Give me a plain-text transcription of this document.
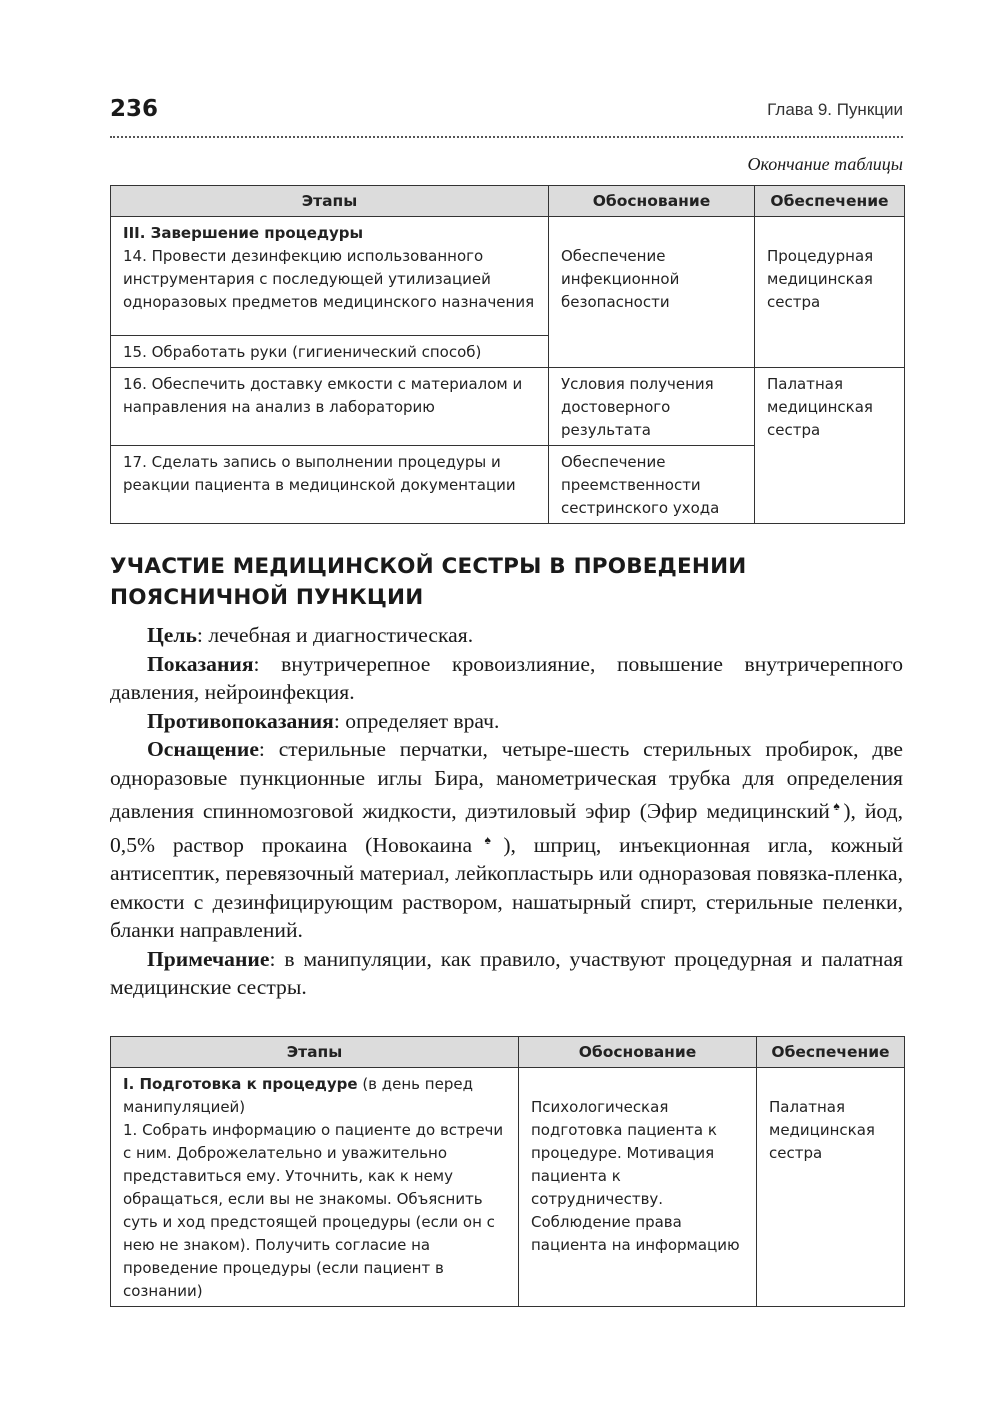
236	Глава 9. Пункции
Окончание таблицы
Этапы	Обоснование	Обеспечение

III. Завершение процедуры
14. Провести дезинфекцию использованного инструментария с последующей утилизацией одноразовых предметов медицинского назначения	Обеспечение инфекционной безопасности	Процедурная медицинская сестра
15. Обработать руки (гигиенический способ)		
16. Обеспечить доставку емкости с материалом и направления на анализ в лабораторию	Условия получения достоверного результата	Палатная медицинская сестра
17. Сделать запись о выполнении процедуры и реакции пациента в медицинской документации	Обеспечение преемственности сестринского ухода	
УЧАСТИЕ МЕДИЦИНСКОЙ СЕСТРЫ В ПРОВЕДЕНИИ ПОЯСНИЧНОЙ ПУНКЦИИ

Цель: лечебная и диагностическая.

Показания: внутричерепное кровоизлияние, повышение внутричерепного давления, нейроинфекция.

Противопоказания: определяет врач.

Оснащение: стерильные перчатки, четыре-шесть стерильных пробирок, две одноразовые пункционные иглы Бира, манометрическая трубка для определения давления спинномозговой жидкости, диэтиловый эфир (Эфир медицинский♠), йод, 0,5% раствор прокаина (Новокаина♠), шприц, инъекционная игла, кожный антисептик, перевязочный материал, лейкопластырь или одноразовая повязка-пленка, емкости с дезинфицирующим раствором, нашатырный спирт, стерильные пеленки, бланки направлений.

Примечание: в манипуляции, как правило, участвуют процедурная и палатная медицинские сестры.

Этапы	Обоснование	Обеспечение

I. Подготовка к процедуре (в день перед манипуляцией)
1. Собрать информацию о пациенте до встречи с ним. Доброжелательно и уважительно представиться ему. Уточнить, как к нему обращаться, если вы не знакомы. Объяснить суть и ход предстоящей процедуры (если он с нею не знаком). Получить согласие на проведение процедуры (если пациент в сознании)	Психологическая подготовка пациента к процедуре. Мотивация пациента к сотрудничеству. Соблюдение права пациента на информацию	Палатная медицинская сестра
